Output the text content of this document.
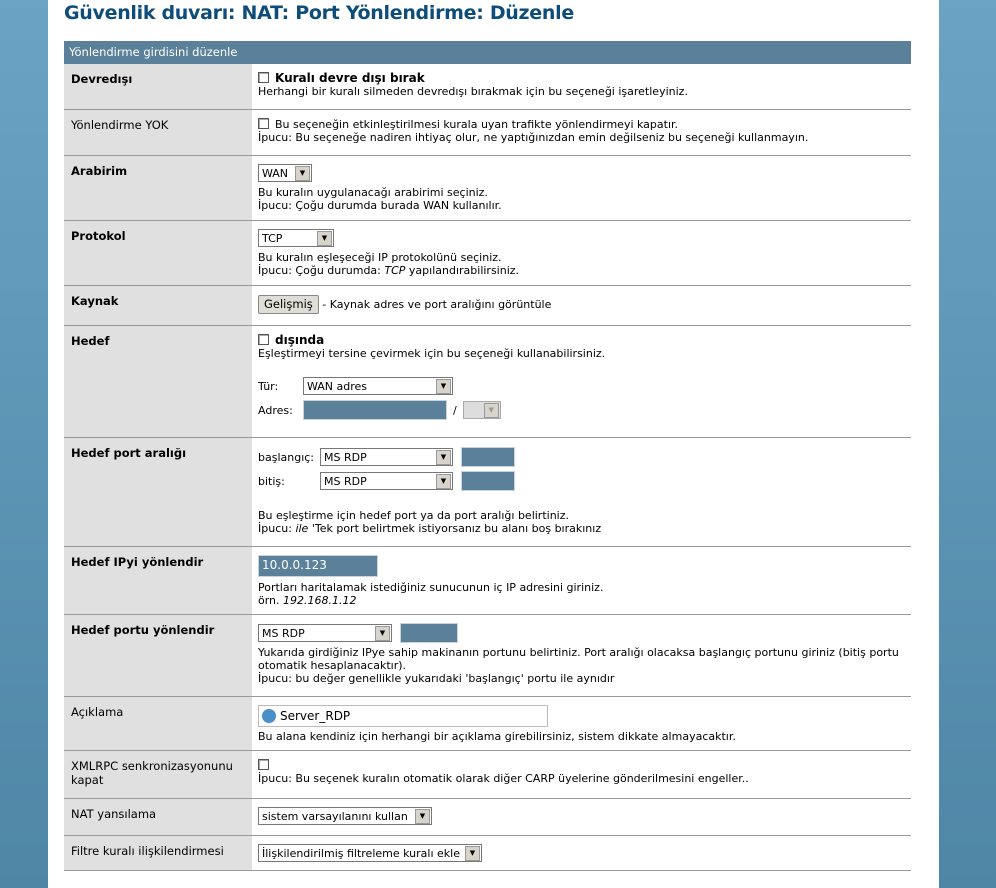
Güvenlik duvarı: NAT: Port Yönlendirme: Düzenle
Yönlendirme girdisini düzenle
Devredışı	Kuralı devre dışı bırak
Herhangi bir kuralı silmeden devredışı bırakmak için bu seçeneği işaretleyiniz.
Yönlendirme YOK	Bu seçeneğin etkinleştirilmesi kurala uyan trafikte yönlendirmeyi kapatır.
İpucu: Bu seçeneğe nadiren ihtiyaç olur, ne yaptığınızdan emin değilseniz bu seçeneği kullanmayın.
Arabirim	WAN	▼
Bu kuralın uygulanacağı arabirimi seçiniz.
İpucu: Çoğu durumda burada WAN kullanılır.
Protokol	TCP	▼
Bu kuralın eşleşeceği IP protokolünü seçiniz.
İpucu: Çoğu durumda: TCP yapılandırabilirsiniz.
Kaynak	Gelişmiş - Kaynak adres ve port aralığını görüntüle
Hedef	dışında
Eşleştirmeyi tersine çevirmek için bu seçeneği kullanabilirsiniz.
Tür:	WAN adres	▼
Adres:	/	▼
Hedef port aralığı	başlangıç: MS RDP	▼
bitiş:	MS RDP	▼
Bu eşleştirme için hedef port ya da port aralığı belirtiniz.
İpucu: ile 'Tek port belirtmek istiyorsanız bu alanı boş bırakınız
Hedef IPyi yönlendir	10.0.0.123
Portları haritalamak istediğiniz sunucunun iç IP adresini giriniz.
örn. 192.168.1.12
Hedef portu yönlendir	MS RDP	▼
Yukarıda girdiğiniz IPye sahip makinanın portunu belirtiniz. Port aralığı olacaksa başlangıç portunu giriniz (bitiş portu otomatik hesaplanacaktır).
İpucu: bu değer genellikle yukarıdaki 'başlangıç' portu ile aynıdır
Açıklama	Server_RDP
Bu alana kendiniz için herhangi bir açıklama girebilirsiniz, sistem dikkate almayacaktır.
XMLRPC senkronizasyonunu kapat	İpucu: Bu seçenek kuralın otomatik olarak diğer CARP üyelerine gönderilmesini engeller..
NAT yansılama	sistem varsayılanını kullan	▼
Filtre kuralı ilişkilendirmesi	İlişkilendirilmiş filtreleme kuralı ekle	▼
